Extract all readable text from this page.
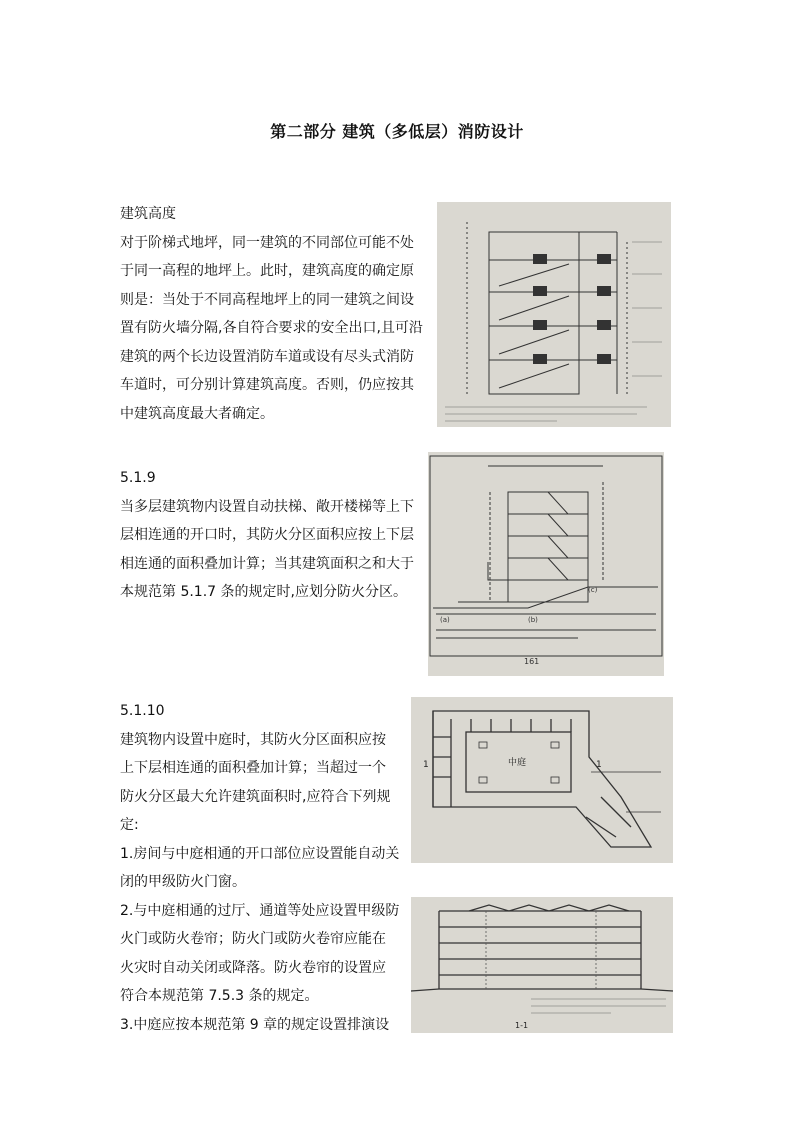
第二部分 建筑（多低层）消防设计

建筑高度

对于阶梯式地坪，同一建筑的不同部位可能不处

于同一高程的地坪上。此时，建筑高度的确定原

则是：当处于不同高程地坪上的同一建筑之间设

置有防火墙分隔,各自符合要求的安全出口,且可沿

建筑的两个长边设置消防车道或设有尽头式消防

车道时，可分别计算建筑高度。否则，仍应按其

中建筑高度最大者确定。

5.1.9

当多层建筑物内设置自动扶梯、敞开楼梯等上下

层相连通的开口时，其防火分区面积应按上下层

相连通的面积叠加计算；当其建筑面积之和大于

本规范第 5.1.7 条的规定时,应划分防火分区。

5.1.10

建筑物内设置中庭时，其防火分区面积应按

上下层相连通的面积叠加计算；当超过一个

防火分区最大允许建筑面积时,应符合下列规

定:

1.房间与中庭相通的开口部位应设置能自动关

闭的甲级防火门窗。

2.与中庭相通的过厅、通道等处应设置甲级防

火门或防火卷帘；防火门或防火卷帘应能在

火灾时自动关闭或降落。防火卷帘的设置应

符合本规范第 7.5.3 条的规定。

3.中庭应按本规范第 9 章的规定设置排演设

(a)	(b)
(c)
161
中庭
1	1
1-1
